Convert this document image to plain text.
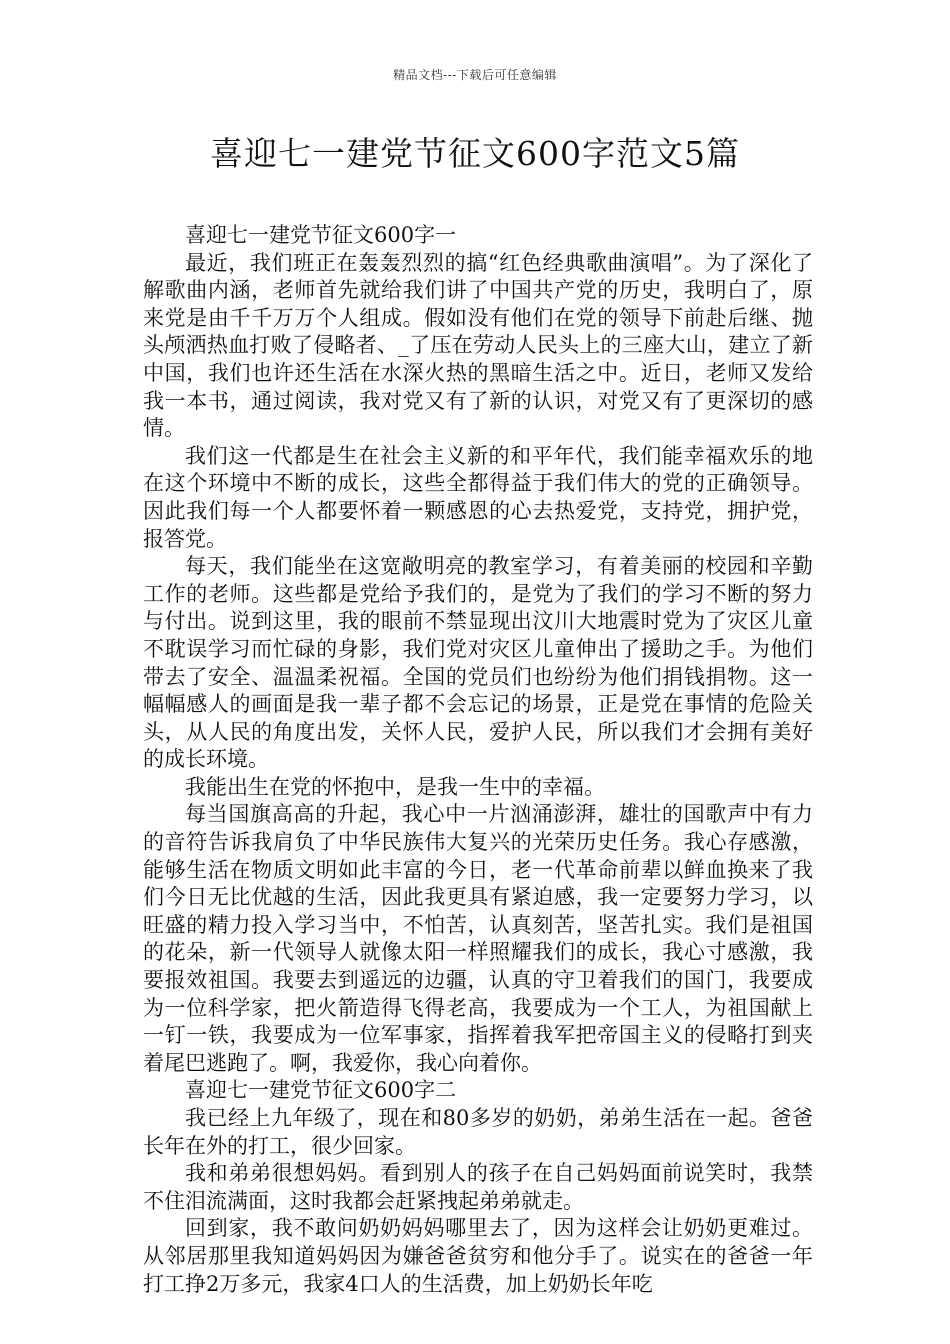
精品文档---下载后可任意编辑
喜迎七一建党节征文600字范文5篇

喜迎七一建党节征文600字一

最近，我们班正在轰轰烈烈的搞“红色经典歌曲演唱”。为了深化了解歌曲内涵，老师首先就给我们讲了中国共产党的历史，我明白了，原来党是由千千万万个人组成。假如没有他们在党的领导下前赴后继、抛头颅洒热血打败了侵略者、_了压在劳动人民头上的三座大山，建立了新中国，我们也许还生活在水深火热的黑暗生活之中。近日，老师又发给我一本书，通过阅读，我对党又有了新的认识，对党又有了更深切的感情。

我们这一代都是生在社会主义新的和平年代，我们能幸福欢乐的地在这个环境中不断的成长，这些全都得益于我们伟大的党的正确领导。因此我们每一个人都要怀着一颗感恩的心去热爱党，支持党，拥护党，报答党。

每天，我们能坐在这宽敞明亮的教室学习，有着美丽的校园和辛勤工作的老师。这些都是党给予我们的，是党为了我们的学习不断的努力与付出。说到这里，我的眼前不禁显现出汶川大地震时党为了灾区儿童不耽误学习而忙碌的身影，我们党对灾区儿童伸出了援助之手。为他们带去了安全、温温柔祝福。全国的党员们也纷纷为他们捐钱捐物。这一幅幅感人的画面是我一辈子都不会忘记的场景，正是党在事情的危险关头，从人民的角度出发，关怀人民，爱护人民，所以我们才会拥有美好的成长环境。

我能出生在党的怀抱中，是我一生中的幸福。

每当国旗高高的升起，我心中一片汹涌澎湃，雄壮的国歌声中有力的音符告诉我肩负了中华民族伟大复兴的光荣历史任务。我心存感激，能够生活在物质文明如此丰富的今日，老一代革命前辈以鲜血换来了我们今日无比优越的生活，因此我更具有紧迫感，我一定要努力学习，以旺盛的精力投入学习当中，不怕苦，认真刻苦，坚苦扎实。我们是祖国的花朵，新一代领导人就像太阳一样照耀我们的成长，我心寸感激，我要报效祖国。我要去到遥远的边疆，认真的守卫着我们的国门，我要成为一位科学家，把火箭造得飞得老高，我要成为一个工人，为祖国献上一钉一铁，我要成为一位军事家，指挥着我军把帝国主义的侵略打到夹着尾巴逃跑了。啊，我爱你，我心向着你。

喜迎七一建党节征文600字二

我已经上九年级了，现在和80多岁的奶奶，弟弟生活在一起。爸爸长年在外的打工，很少回家。

我和弟弟很想妈妈。看到别人的孩子在自己妈妈面前说笑时，我禁不住泪流满面，这时我都会赶紧拽起弟弟就走。

回到家，我不敢问奶奶妈妈哪里去了，因为这样会让奶奶更难过。从邻居那里我知道妈妈因为嫌爸爸贫穷和他分手了。说实在的爸爸一年打工挣2万多元，我家4口人的生活费，加上奶奶长年吃
